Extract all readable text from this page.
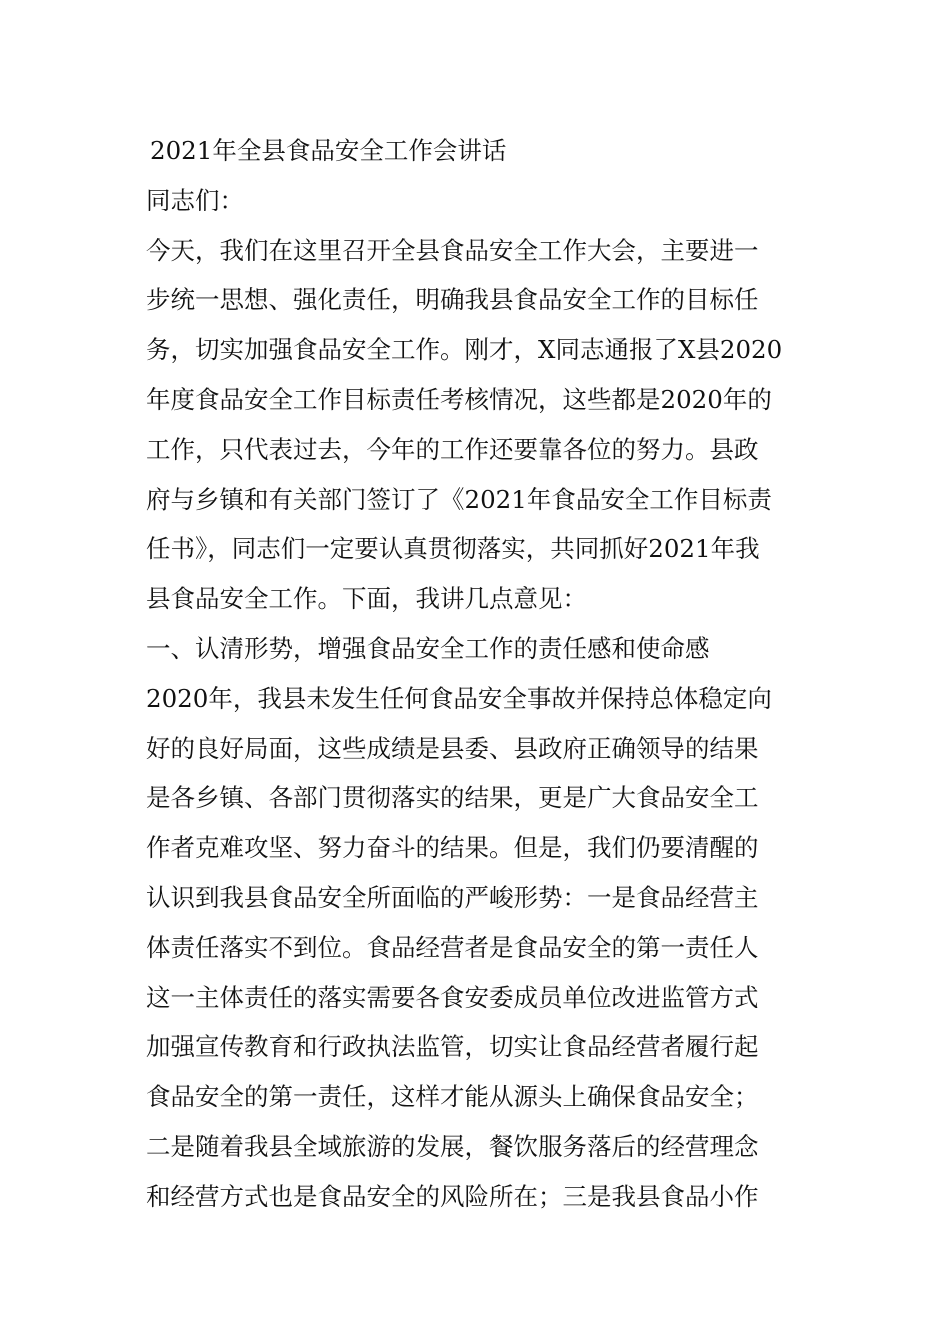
2021年全县食品安全工作会讲话
同志们：
今天，我们在这里召开全县食品安全工作大会，主要进一
步统一思想、强化责任，明确我县食品安全工作的目标任
务，切实加强食品安全工作。刚才，X同志通报了X县2020
年度食品安全工作目标责任考核情况，这些都是2020年的
工作，只代表过去，今年的工作还要靠各位的努力。县政
府与乡镇和有关部门签订了《2021年食品安全工作目标责
任书》，同志们一定要认真贯彻落实，共同抓好2021年我
县食品安全工作。下面，我讲几点意见：
一、认清形势，增强食品安全工作的责任感和使命感
2020年，我县未发生任何食品安全事故并保持总体稳定向
好的良好局面，这些成绩是县委、县政府正确领导的结果
是各乡镇、各部门贯彻落实的结果，更是广大食品安全工
作者克难攻坚、努力奋斗的结果。但是，我们仍要清醒的
认识到我县食品安全所面临的严峻形势：一是食品经营主
体责任落实不到位。食品经营者是食品安全的第一责任人
这一主体责任的落实需要各食安委成员单位改进监管方式
加强宣传教育和行政执法监管，切实让食品经营者履行起
食品安全的第一责任，这样才能从源头上确保食品安全；
二是随着我县全域旅游的发展，餐饮服务落后的经营理念
和经营方式也是食品安全的风险所在；三是我县食品小作
